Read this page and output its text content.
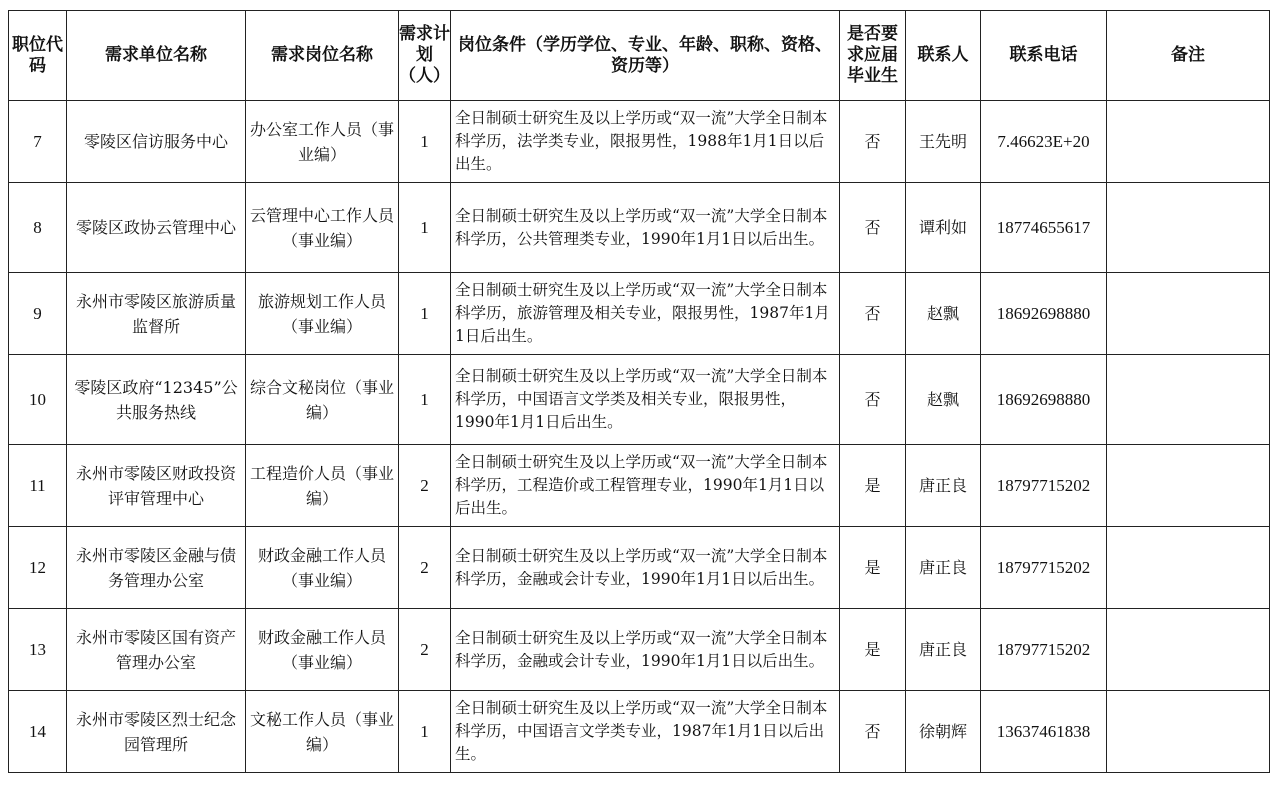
职位代码	需求单位名称	需求岗位名称	需求计划（人）	岗位条件（学历学位、专业、年龄、职称、资格、资历等）	是否要求应届毕业生	联系人	联系电话	备注
7	零陵区信访服务中心	办公室工作人员（事业编）	1	全日制硕士研究生及以上学历或“双一流”大学全日制本科学历，法学类专业，限报男性，1988年1月1日以后出生。	否	王先明	7.46623E+20	
8	零陵区政协云管理中心	云管理中心工作人员（事业编）	1	全日制硕士研究生及以上学历或“双一流”大学全日制本科学历，公共管理类专业，1990年1月1日以后出生。	否	谭利如	18774655617	
9	永州市零陵区旅游质量监督所	旅游规划工作人员（事业编）	1	全日制硕士研究生及以上学历或“双一流”大学全日制本科学历，旅游管理及相关专业，限报男性，1987年1月1日后出生。	否	赵飘	18692698880	
10	零陵区政府“12345”公共服务热线	综合文秘岗位（事业编）	1	全日制硕士研究生及以上学历或“双一流”大学全日制本科学历，中国语言文学类及相关专业，限报男性，1990年1月1日后出生。	否	赵飘	18692698880	
11	永州市零陵区财政投资评审管理中心	工程造价人员（事业编）	2	全日制硕士研究生及以上学历或“双一流”大学全日制本科学历，工程造价或工程管理专业，1990年1月1日以后出生。	是	唐正良	18797715202	
12	永州市零陵区金融与债务管理办公室	财政金融工作人员（事业编）	2	全日制硕士研究生及以上学历或“双一流”大学全日制本科学历，金融或会计专业，1990年1月1日以后出生。	是	唐正良	18797715202	
13	永州市零陵区国有资产管理办公室	财政金融工作人员（事业编）	2	全日制硕士研究生及以上学历或“双一流”大学全日制本科学历，金融或会计专业，1990年1月1日以后出生。	是	唐正良	18797715202	
14	永州市零陵区烈士纪念园管理所	文秘工作人员（事业编）	1	全日制硕士研究生及以上学历或“双一流”大学全日制本科学历，中国语言文学类专业，1987年1月1日以后出生。	否	徐朝辉	13637461838	
